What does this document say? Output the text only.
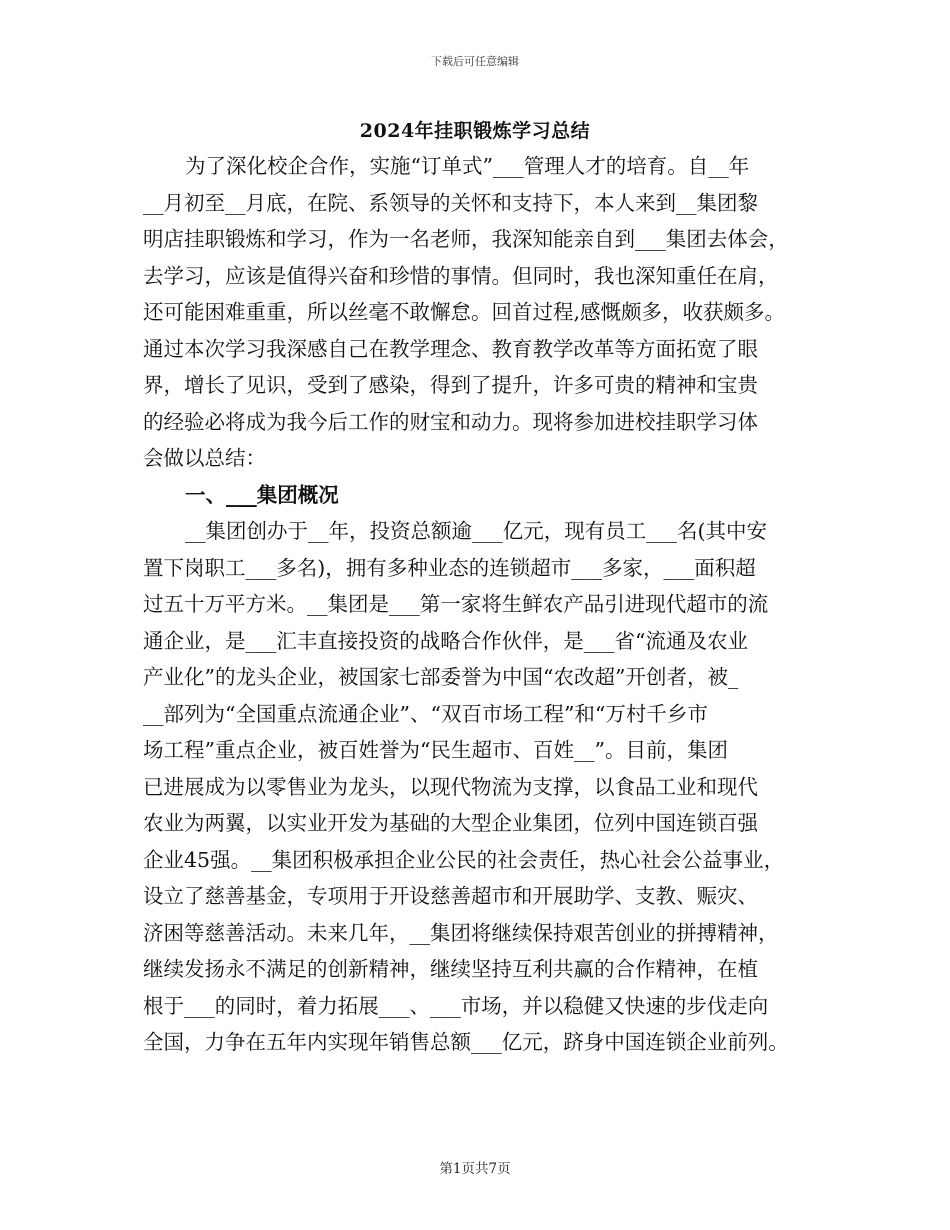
下载后可任意编辑
2024年挂职锻炼学习总结
为了深化校企合作，实施“订单式”___管理人才的培育。自__年
__月初至__月底，在院、系领导的关怀和支持下，本人来到__集团黎
明店挂职锻炼和学习，作为一名老师，我深知能亲自到___集团去体会，
去学习，应该是值得兴奋和珍惜的事情。但同时，我也深知重任在肩，
还可能困难重重，所以丝毫不敢懈怠。回首过程,感慨颇多，收获颇多。
通过本次学习我深感自己在教学理念、教育教学改革等方面拓宽了眼
界，增长了见识，受到了感染，得到了提升，许多可贵的精神和宝贵
的经验必将成为我今后工作的财宝和动力。现将参加进校挂职学习体
会做以总结：
一、___集团概况
__集团创办于__年，投资总额逾___亿元，现有员工___名(其中安
置下岗职工___多名)，拥有多种业态的连锁超市___多家，___面积超
过五十万平方米。__集团是___第一家将生鲜农产品引进现代超市的流
通企业，是___汇丰直接投资的战略合作伙伴，是___省“流通及农业
产业化”的龙头企业，被国家七部委誉为中国“农改超”开创者，被_
__部列为“全国重点流通企业”、“双百市场工程”和“万村千乡市
场工程”重点企业，被百姓誉为“民生超市、百姓__”。目前，集团
已进展成为以零售业为龙头，以现代物流为支撑，以食品工业和现代
农业为两翼，以实业开发为基础的大型企业集团，位列中国连锁百强
企业45强。__集团积极承担企业公民的社会责任，热心社会公益事业，
设立了慈善基金，专项用于开设慈善超市和开展助学、支教、赈灾、
济困等慈善活动。未来几年，__集团将继续保持艰苦创业的拼搏精神，
继续发扬永不满足的创新精神，继续坚持互利共赢的合作精神，在植
根于___的同时，着力拓展___、___市场，并以稳健又快速的步伐走向
全国，力争在五年内实现年销售总额___亿元，跻身中国连锁企业前列。
第1页共7页
